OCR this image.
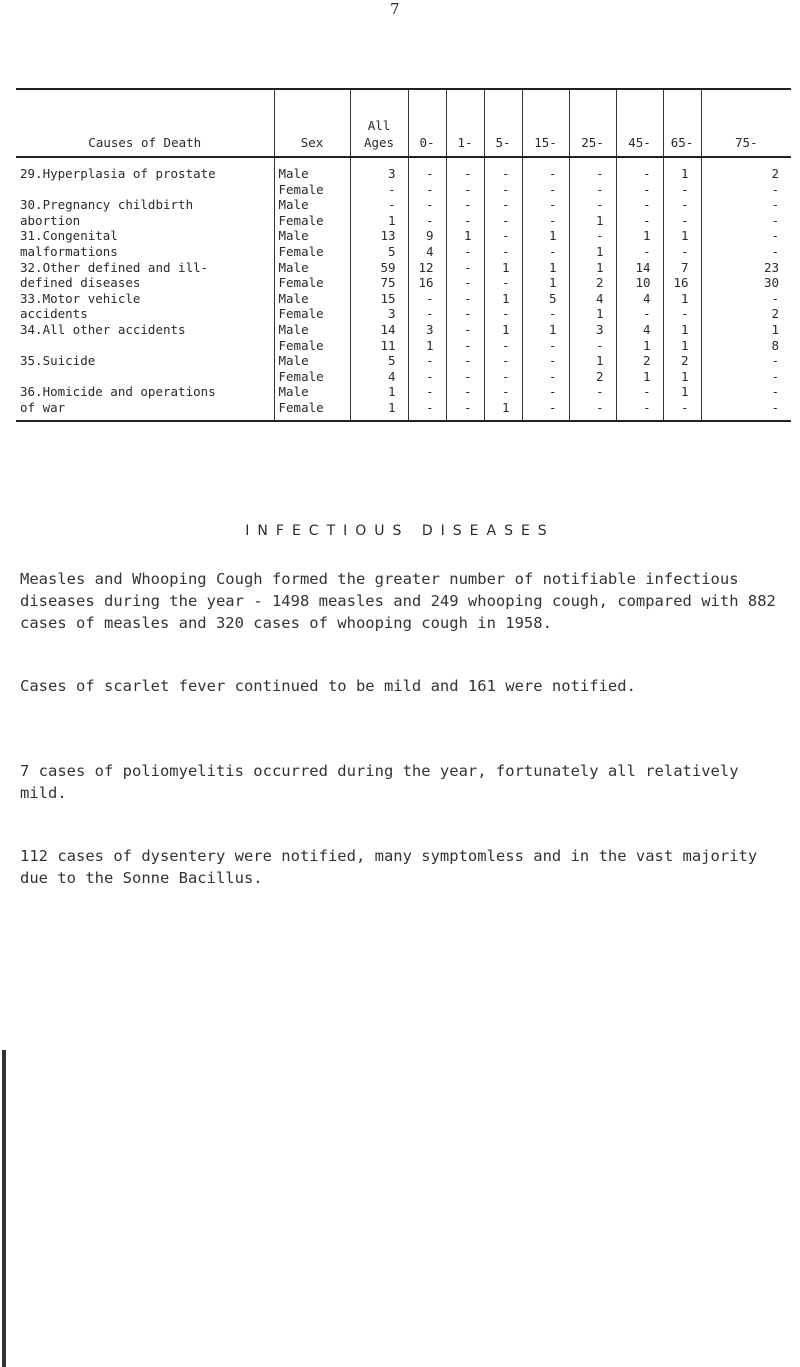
7
Causes of Death	Sex	All Ages	0-	1-	5-	15-	25-	45-	65-	75-
29.Hyperplasia of prostate	Male	3	-	-	-	-	-	-	1	2
	Female	-	-	-	-	-	-	-	-	-
30.Pregnancy childbirth	Male	-	-	-	-	-	-	-	-	-
abortion	Female	1	-	-	-	-	1	-	-	-
31.Congenital	Male	13	9	1	-	1	-	1	1	-
malformations	Female	5	4	-	-	-	1	-	-	-
32.Other defined and ill-	Male	59	12	-	1	1	1	14	7	23
defined diseases	Female	75	16	-	-	1	2	10	16	30
33.Motor vehicle	Male	15	-	-	1	5	4	4	1	-
accidents	Female	3	-	-	-	-	1	-	-	2
34.All other accidents	Male	14	3	-	1	1	3	4	1	1
	Female	11	1	-	-	-	-	1	1	8
35.Suicide	Male	5	-	-	-	-	1	2	2	-
	Female	4	-	-	-	-	2	1	1	-
36.Homicide and operations	Male	1	-	-	-	-	-	-	1	-
of war	Female	1	-	-	1	-	-	-	-	-
INFECTIOUS DISEASES
Measles and Whooping Cough formed the greater number of notifiable infectious diseases during the year - 1498 measles and 249 whooping cough, compared with 882 cases of measles and 320 cases of whooping cough in 1958.
Cases of scarlet fever continued to be mild and 161 were notified.
7 cases of poliomyelitis occurred during the year, fortunately all relatively mild.
112 cases of dysentery were notified, many symptomless and in the vast majority due to the Sonne Bacillus.
